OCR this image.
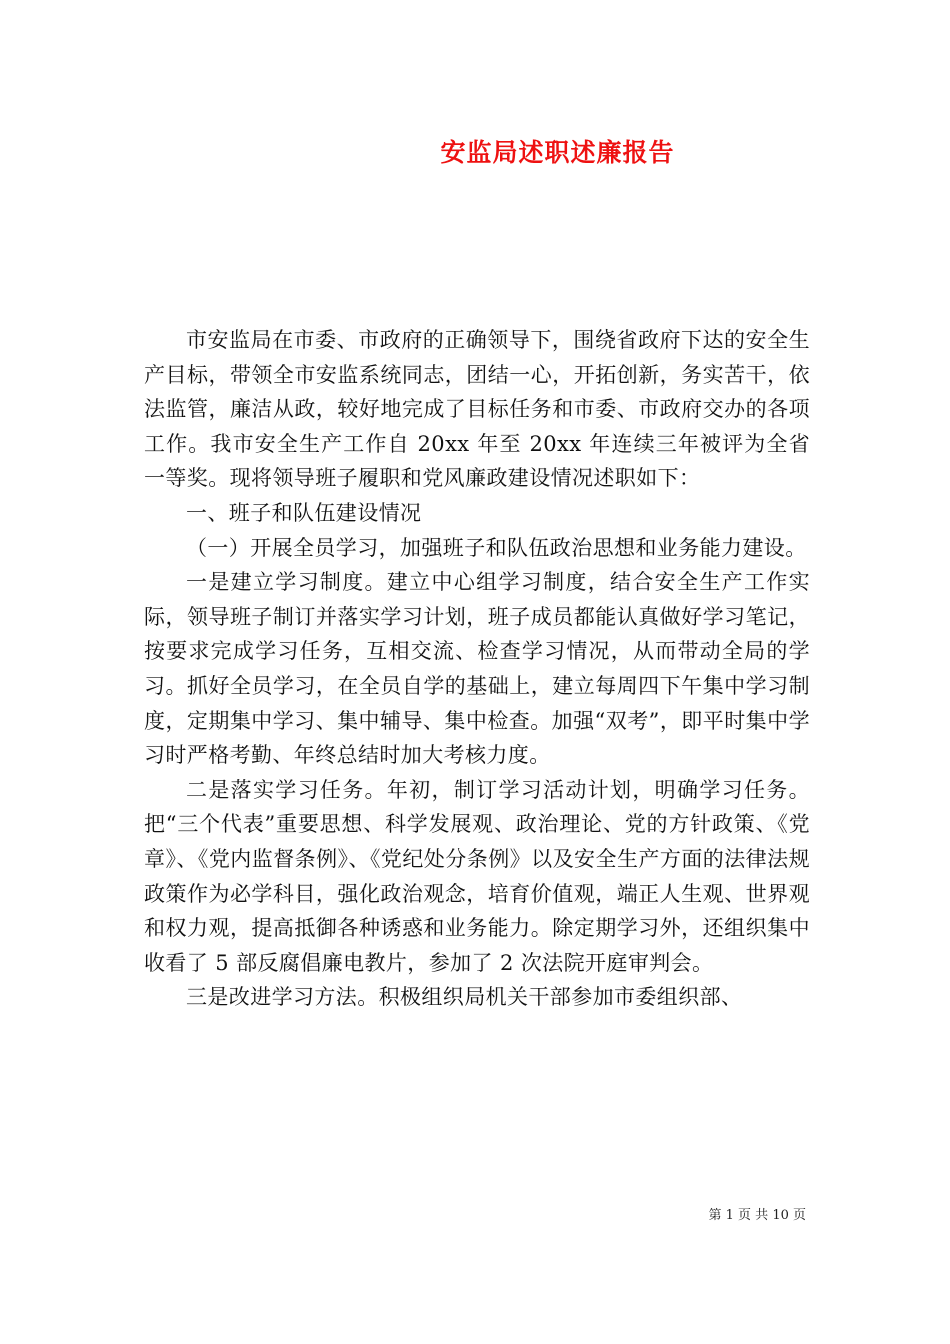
安监局述职述廉报告

市安监局在市委、市政府的正确领导下，围绕省政府下达的安全生产目标，带领全市安监系统同志，团结一心，开拓创新，务实苦干，依法监管，廉洁从政，较好地完成了目标任务和市委、市政府交办的各项工作。我市安全生产工作自 20xx 年至 20xx 年连续三年被评为全省一等奖。现将领导班子履职和党风廉政建设情况述职如下：

一、班子和队伍建设情况

（一）开展全员学习，加强班子和队伍政治思想和业务能力建设。

一是建立学习制度。建立中心组学习制度，结合安全生产工作实际，领导班子制订并落实学习计划，班子成员都能认真做好学习笔记，按要求完成学习任务，互相交流、检查学习情况，从而带动全局的学习。抓好全员学习，在全员自学的基础上，建立每周四下午集中学习制度，定期集中学习、集中辅导、集中检查。加强“双考”，即平时集中学习时严格考勤、年终总结时加大考核力度。

二是落实学习任务。年初，制订学习活动计划，明确学习任务。把“三个代表”重要思想、科学发展观、政治理论、党的方针政策、《党章》、《党内监督条例》、《党纪处分条例》以及安全生产方面的法律法规政策作为必学科目，强化政治观念，培育价值观，端正人生观、世界观和权力观，提高抵御各种诱惑和业务能力。除定期学习外，还组织集中收看了 5 部反腐倡廉电教片，参加了 2 次法院开庭审判会。

三是改进学习方法。积极组织局机关干部参加市委组织部、

第 1 页 共 10 页
